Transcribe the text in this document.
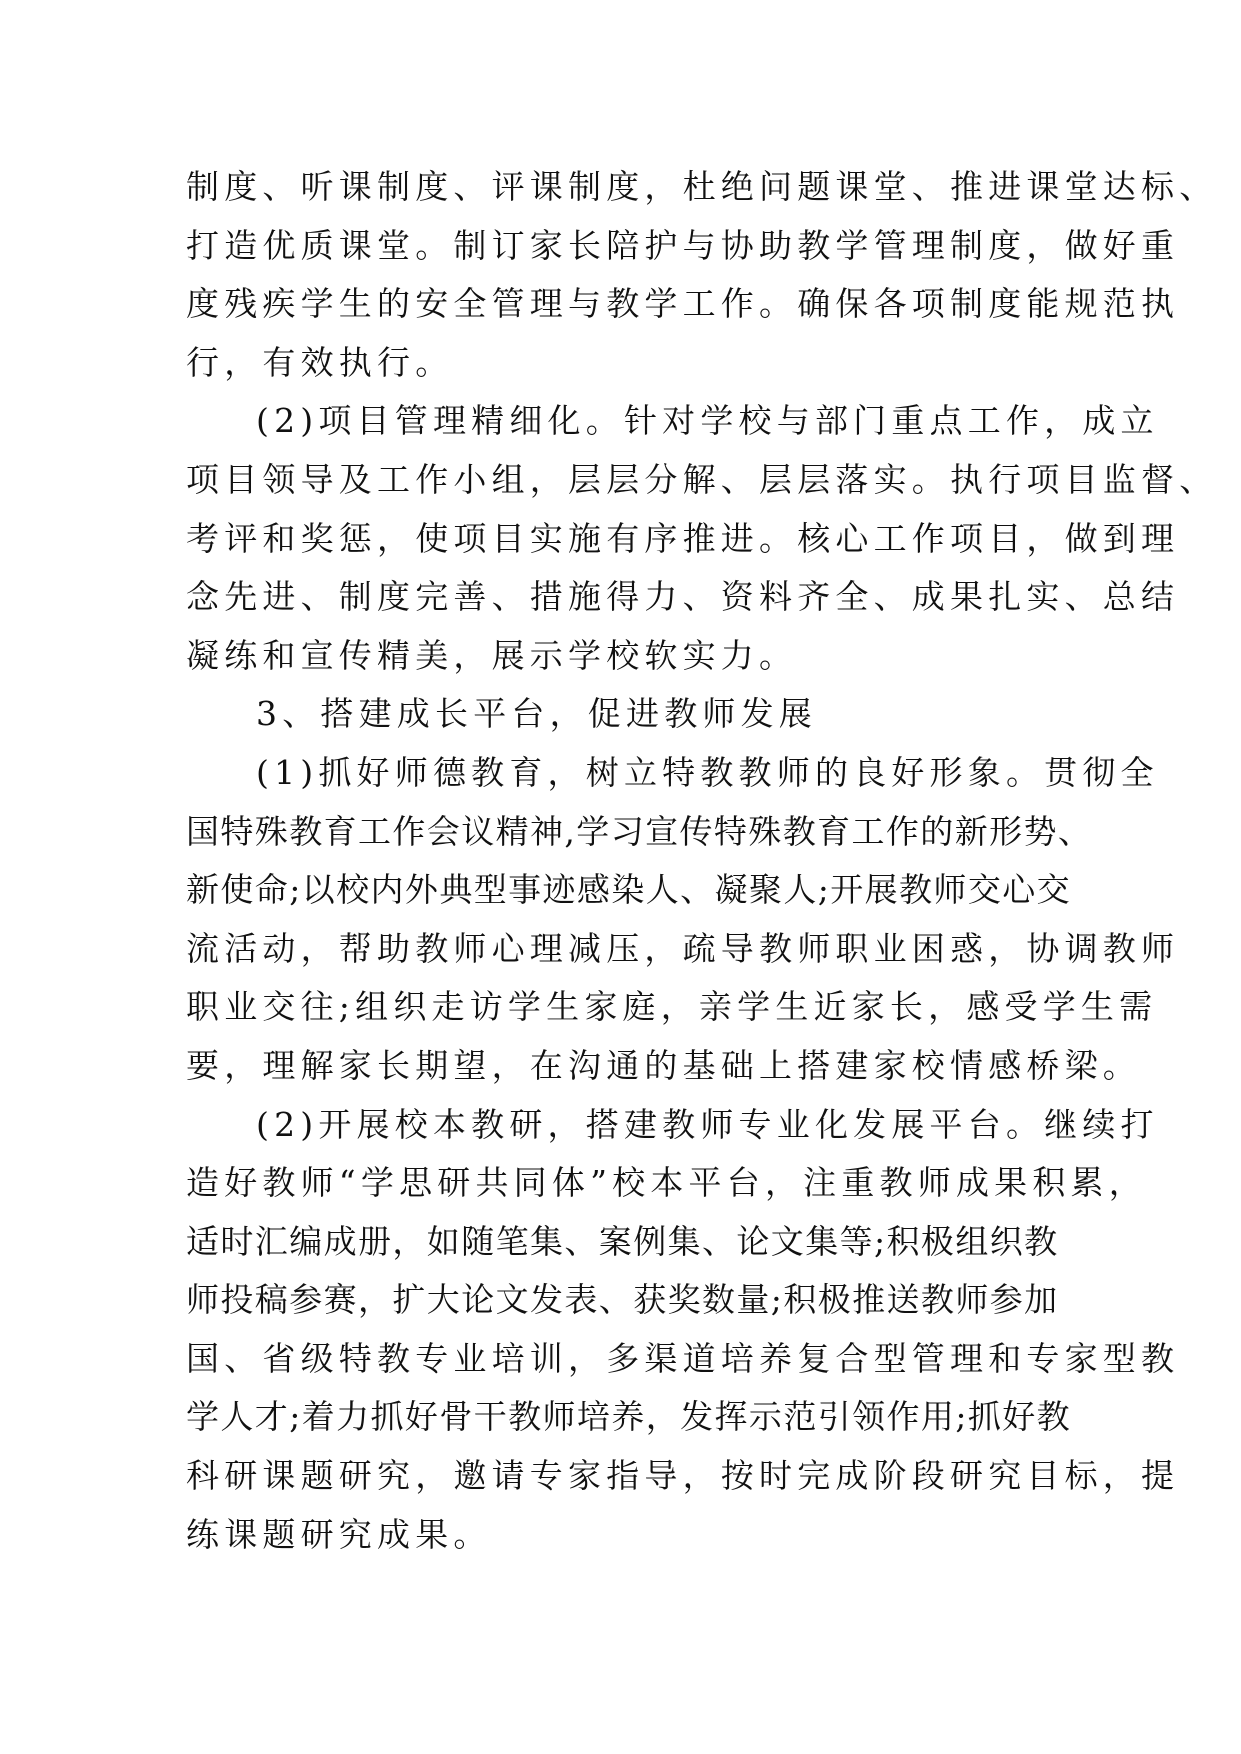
制度、听课制度、评课制度，杜绝问题课堂、推进课堂达标、
打造优质课堂。制订家长陪护与协助教学管理制度，做好重
度残疾学生的安全管理与教学工作。确保各项制度能规范执
行，有效执行。
(2)项目管理精细化。针对学校与部门重点工作，成立
项目领导及工作小组，层层分解、层层落实。执行项目监督、
考评和奖惩，使项目实施有序推进。核心工作项目，做到理
念先进、制度完善、措施得力、资料齐全、成果扎实、总结
凝练和宣传精美，展示学校软实力。
3、搭建成长平台，促进教师发展
(1)抓好师德教育，树立特教教师的良好形象。贯彻全
国特殊教育工作会议精神,学习宣传特殊教育工作的新形势、
新使命;以校内外典型事迹感染人、凝聚人;开展教师交心交
流活动，帮助教师心理减压，疏导教师职业困惑，协调教师
职业交往;组织走访学生家庭，亲学生近家长，感受学生需
要，理解家长期望，在沟通的基础上搭建家校情感桥梁。
(2)开展校本教研，搭建教师专业化发展平台。继续打
造好教师“学思研共同体”校本平台，注重教师成果积累，
适时汇编成册，如随笔集、案例集、论文集等;积极组织教
师投稿参赛，扩大论文发表、获奖数量;积极推送教师参加
国、省级特教专业培训，多渠道培养复合型管理和专家型教
学人才;着力抓好骨干教师培养，发挥示范引领作用;抓好教
科研课题研究，邀请专家指导，按时完成阶段研究目标，提
练课题研究成果。
